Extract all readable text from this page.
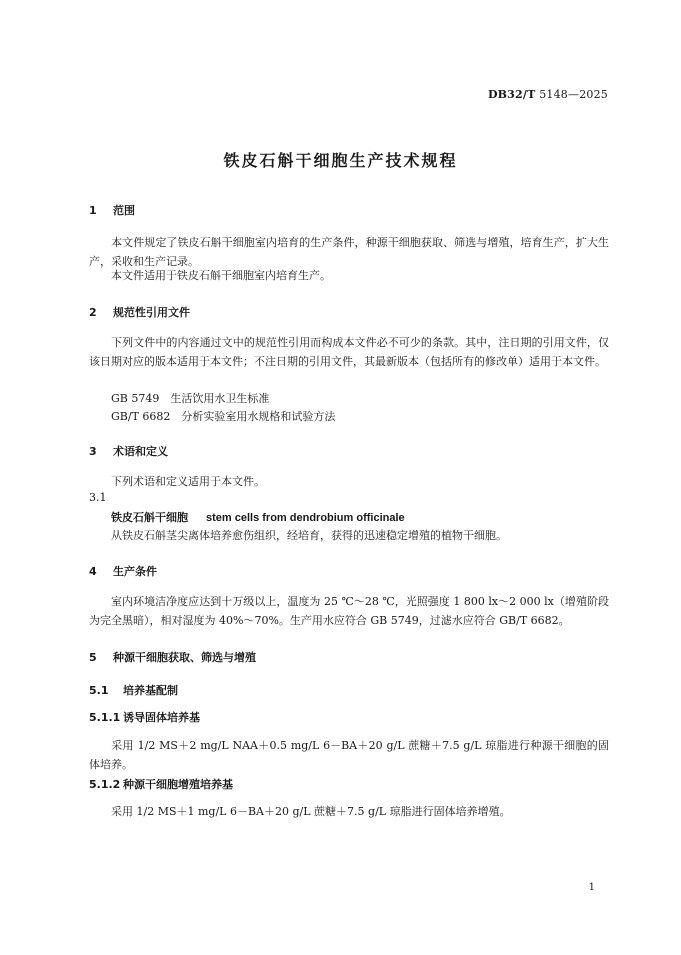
DB32/T 5148—2025
铁皮石斛干细胞生产技术规程
1 范围
本文件规定了铁皮石斛干细胞室内培育的生产条件，种源干细胞获取、筛选与增殖，培育生产，扩大生产，采收和生产记录。
本文件适用于铁皮石斛干细胞室内培育生产。
2 规范性引用文件
下列文件中的内容通过文中的规范性引用而构成本文件必不可少的条款。其中，注日期的引用文件，仅该日期对应的版本适用于本文件；不注日期的引用文件，其最新版本（包括所有的修改单）适用于本文件。
GB 5749　生活饮用水卫生标准
GB/T 6682　分析实验室用水规格和试验方法
3 术语和定义
下列术语和定义适用于本文件。
3.1
铁皮石斛干细胞 stem cells from dendrobium officinale
从铁皮石斛茎尖离体培养愈伤组织，经培育，获得的迅速稳定增殖的植物干细胞。
4 生产条件
室内环境洁净度应达到十万级以上，温度为 25 ℃～28 ℃，光照强度 1 800 lx～2 000 lx（增殖阶段为完全黑暗），相对湿度为 40%～70%。生产用水应符合 GB 5749，过滤水应符合 GB/T 6682。
5 种源干细胞获取、筛选与增殖
5.1 培养基配制
5.1.1 诱导固体培养基
采用 1/2 MS＋2 mg/L NAA＋0.5 mg/L 6－BA＋20 g/L 蔗糖＋7.5 g/L 琼脂进行种源干细胞的固体培养。
5.1.2 种源干细胞增殖培养基
采用 1/2 MS＋1 mg/L 6－BA＋20 g/L 蔗糖＋7.5 g/L 琼脂进行固体培养增殖。
1
